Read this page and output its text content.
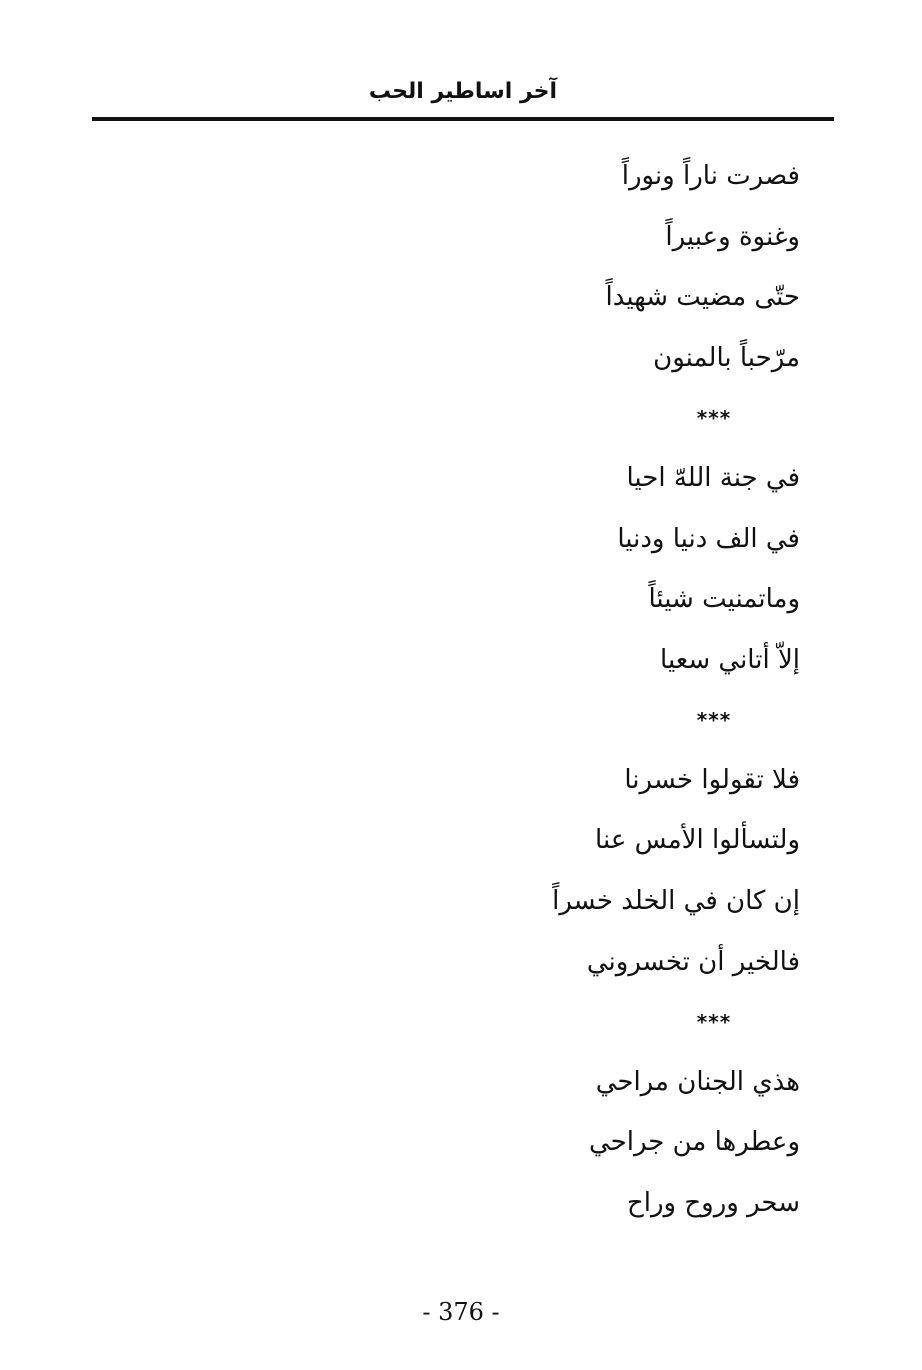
آخر اساطير الحب
فصرت ناراً ونوراً
وغنوة وعبيراً
حتّى مضيت شهيداً
مرّحباً بالمنون
***
في جنة اللهّ احيا
في الف دنيا ودنيا
وماتمنيت شيئاً
إلاّ أتاني سعيا
***
فلا تقولوا خسرنا
ولتسألوا الأمس عنا
إن كان في الخلد خسراً
فالخير أن تخسروني
***
هذي الجنان مراحي
وعطرها من جراحي
سحر وروح وراح
- 376 -
